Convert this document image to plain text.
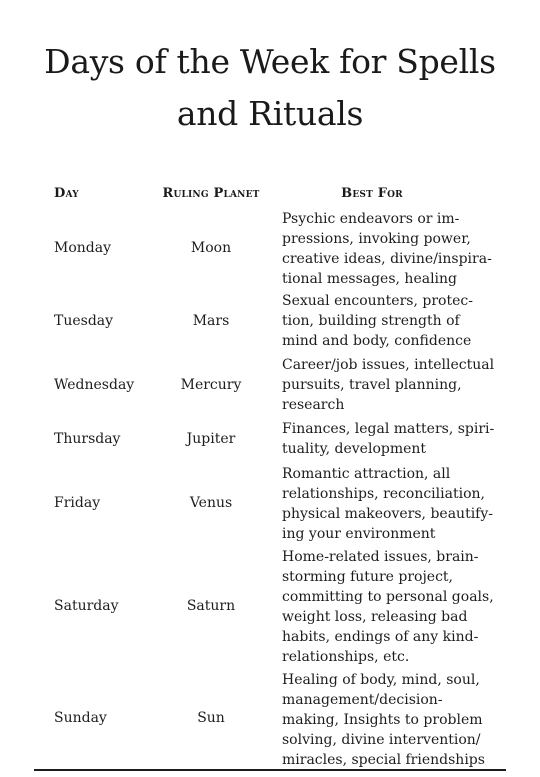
Days of the Week for Spells
and Rituals
Day	Ruling Planet	Best For
Monday	Moon
Psychic endeavors or im-
pressions, invoking power,
creative ideas, divine/inspira-
tional messages, healing
Tuesday	Mars
Sexual encounters, protec-
tion, building strength of
mind and body, confidence
Wednesday	Mercury
Career/job issues, intellectual
pursuits, travel planning,
research
Thursday	Jupiter
Finances, legal matters, spiri-
tuality, development
Friday	Venus
Romantic attraction, all
relationships, reconciliation,
physical makeovers, beautify-
ing your environment
Saturday	Saturn
Home-related issues, brain-
storming future project,
committing to personal goals,
weight loss, releasing bad
habits, endings of any kind-
relationships, etc.
Sunday	Sun
Healing of body, mind, soul,
management/decision-
making, Insights to problem
solving, divine intervention/
miracles, special friendships
